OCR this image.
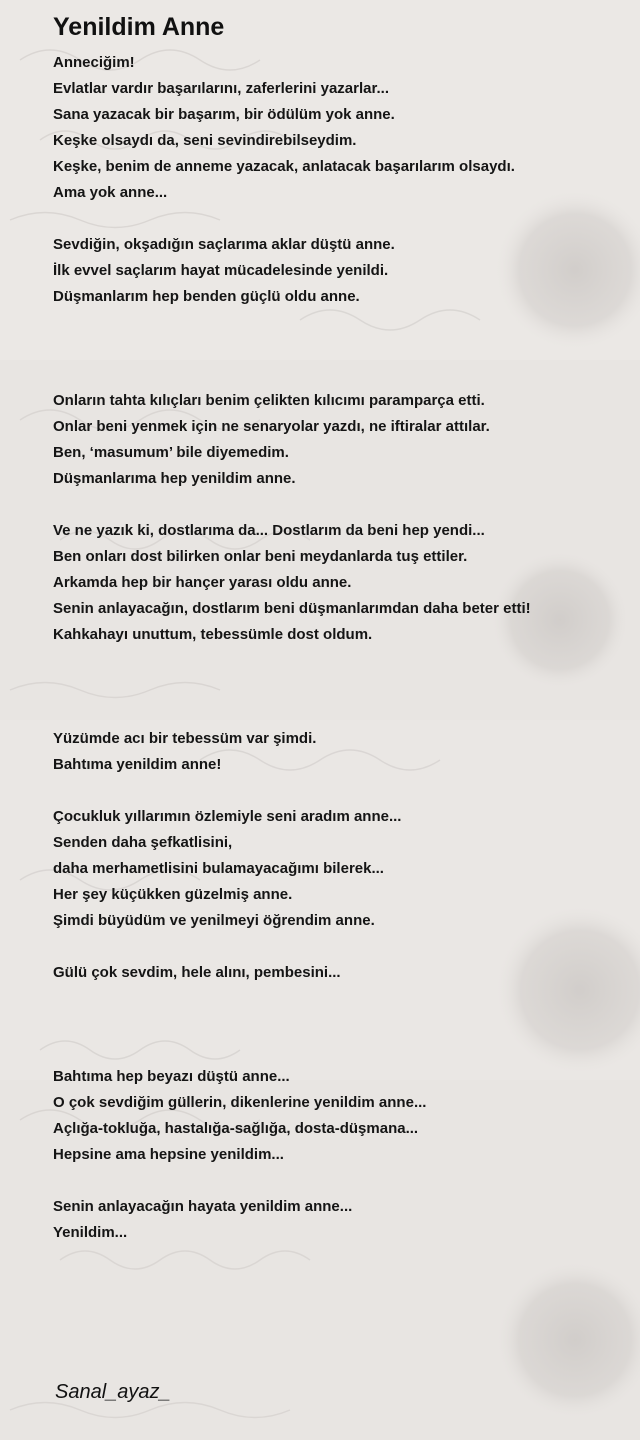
Yenildim Anne
Anneciğim!
Evlatlar vardır başarılarını, zaferlerini yazarlar...
Sana yazacak bir başarım, bir ödülüm yok anne.
Keşke olsaydı da, seni sevindirebilseydim.
Keşke, benim de anneme yazacak, anlatacak başarılarım olsaydı.
Ama yok anne...
Sevdiğin, okşadığın saçlarıma aklar düştü anne.
İlk evvel saçlarım hayat mücadelesinde yenildi.
Düşmanlarım hep benden güçlü oldu anne.
Onların tahta kılıçları benim çelikten kılıcımı paramparça etti.
Onlar beni yenmek için ne senaryolar yazdı, ne iftiralar attılar.
Ben, ‘masumum’ bile diyemedim.
Düşmanlarıma hep yenildim anne.
Ve ne yazık ki, dostlarıma da... Dostlarım da beni hep yendi...
Ben onları dost bilirken onlar beni meydanlarda tuş ettiler.
Arkamda hep bir hançer yarası oldu anne.
Senin anlayacağın, dostlarım beni düşmanlarımdan daha beter etti!
Kahkahayı unuttum, tebessümle dost oldum.
Yüzümde acı bir tebessüm var şimdi.
Bahtıma yenildim anne!
Çocukluk yıllarımın özlemiyle seni aradım anne...
Senden daha şefkatlisini,
daha merhametlisini bulamayacağımı bilerek...
Her şey küçükken güzelmiş anne.
Şimdi büyüdüm ve yenilmeyi öğrendim anne.
Gülü çok sevdim, hele alını, pembesini...
Bahtıma hep beyazı düştü anne...
O çok sevdiğim güllerin, dikenlerine yenildim anne...
Açlığa-tokluğa, hastalığa-sağlığa, dosta-düşmana...
Hepsine ama hepsine yenildim...
Senin anlayacağın hayata yenildim anne...
Yenildim...
Sanal_ayaz_
